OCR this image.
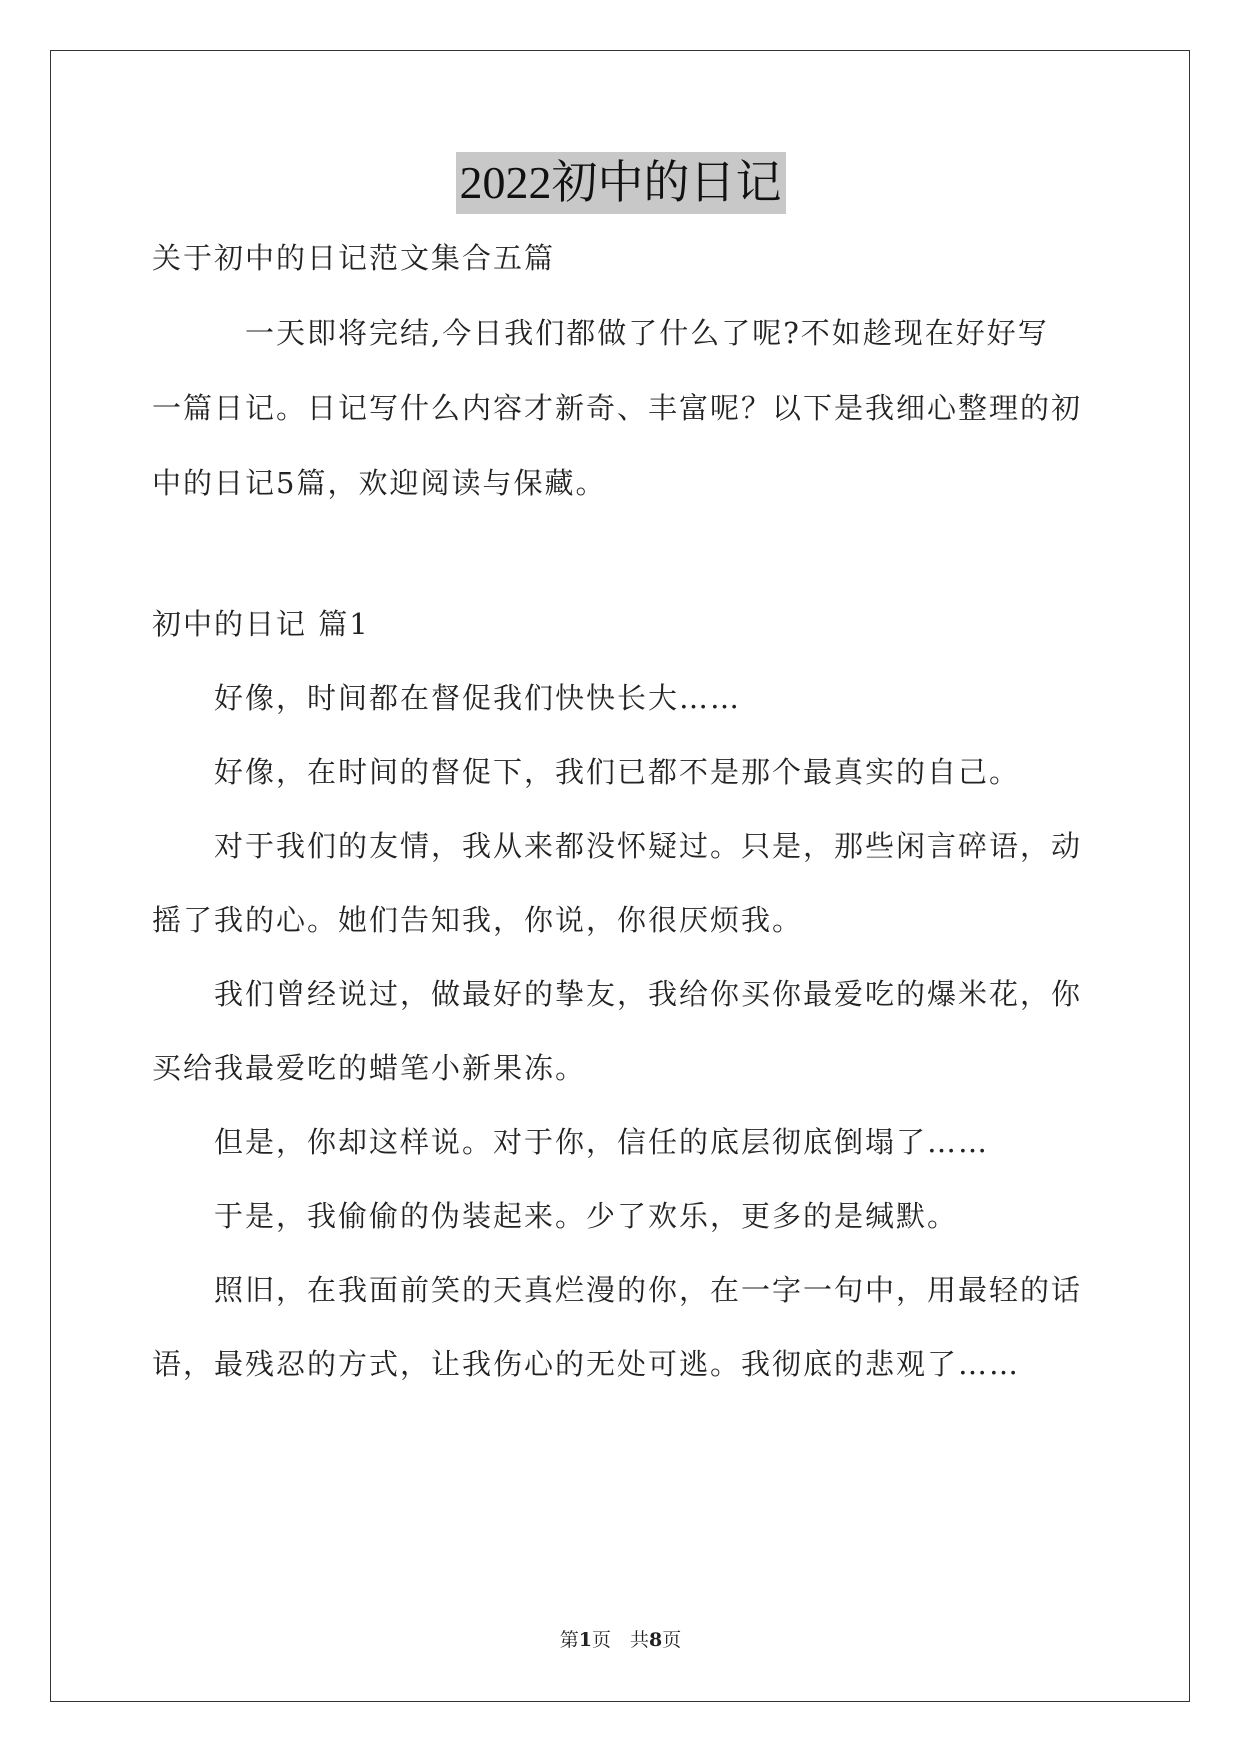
2022初中的日记
关于初中的日记范文集合五篇
　　　一天即将完结,今日我们都做了什么了呢?不如趁现在好好写
一篇日记。日记写什么内容才新奇、丰富呢？以下是我细心整理的初
中的日记5篇，欢迎阅读与保藏。
初中的日记 篇1
　　好像，时间都在督促我们快快长大……
　　好像，在时间的督促下，我们已都不是那个最真实的自己。
　　对于我们的友情，我从来都没怀疑过。只是，那些闲言碎语，动
摇了我的心。她们告知我，你说，你很厌烦我。
　　我们曾经说过，做最好的挚友，我给你买你最爱吃的爆米花，你
买给我最爱吃的蜡笔小新果冻。
　　但是，你却这样说。对于你，信任的底层彻底倒塌了……
　　于是，我偷偷的伪装起来。少了欢乐，更多的是缄默。
　　照旧，在我面前笑的天真烂漫的你，在一字一句中，用最轻的话
语，最残忍的方式，让我伤心的无处可逃。我彻底的悲观了……
第1页　共8页
